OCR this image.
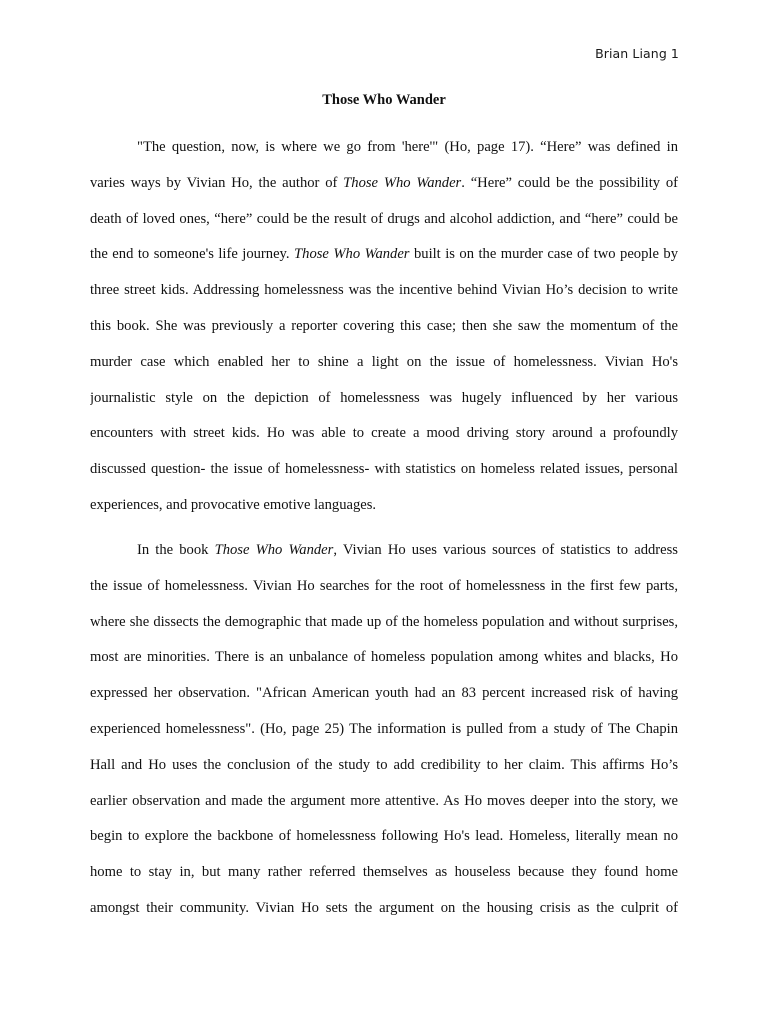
Brian Liang 1
Those Who Wander
"The question, now, is where we go from 'here'" (Ho, page 17). “Here” was defined in
varies ways by Vivian Ho, the author of Those Who Wander. “Here” could be the possibility of
death of loved ones, “here” could be the result of drugs and alcohol addiction, and “here” could be
the end to someone's life journey. Those Who Wander built is on the murder case of two people by
three street kids. Addressing homelessness was the incentive behind Vivian Ho’s decision to write
this book. She was previously a reporter covering this case; then she saw the momentum of the
murder case which enabled her to shine a light on the issue of homelessness. Vivian Ho's
journalistic style on the depiction of homelessness was hugely influenced by her various
encounters with street kids. Ho was able to create a mood driving story around a profoundly
discussed question- the issue of homelessness- with statistics on homeless related issues, personal
experiences, and provocative emotive languages.
In the book Those Who Wander, Vivian Ho uses various sources of statistics to address
the issue of homelessness. Vivian Ho searches for the root of homelessness in the first few parts,
where she dissects the demographic that made up of the homeless population and without surprises,
most are minorities. There is an unbalance of homeless population among whites and blacks, Ho
expressed her observation. "African American youth had an 83 percent increased risk of having
experienced homelessness". (Ho, page 25) The information is pulled from a study of The Chapin
Hall and Ho uses the conclusion of the study to add credibility to her claim. This affirms Ho’s
earlier observation and made the argument more attentive. As Ho moves deeper into the story, we
begin to explore the backbone of homelessness following Ho's lead. Homeless, literally mean no
home to stay in, but many rather referred themselves as houseless because they found home
amongst their community. Vivian Ho sets the argument on the housing crisis as the culprit of
